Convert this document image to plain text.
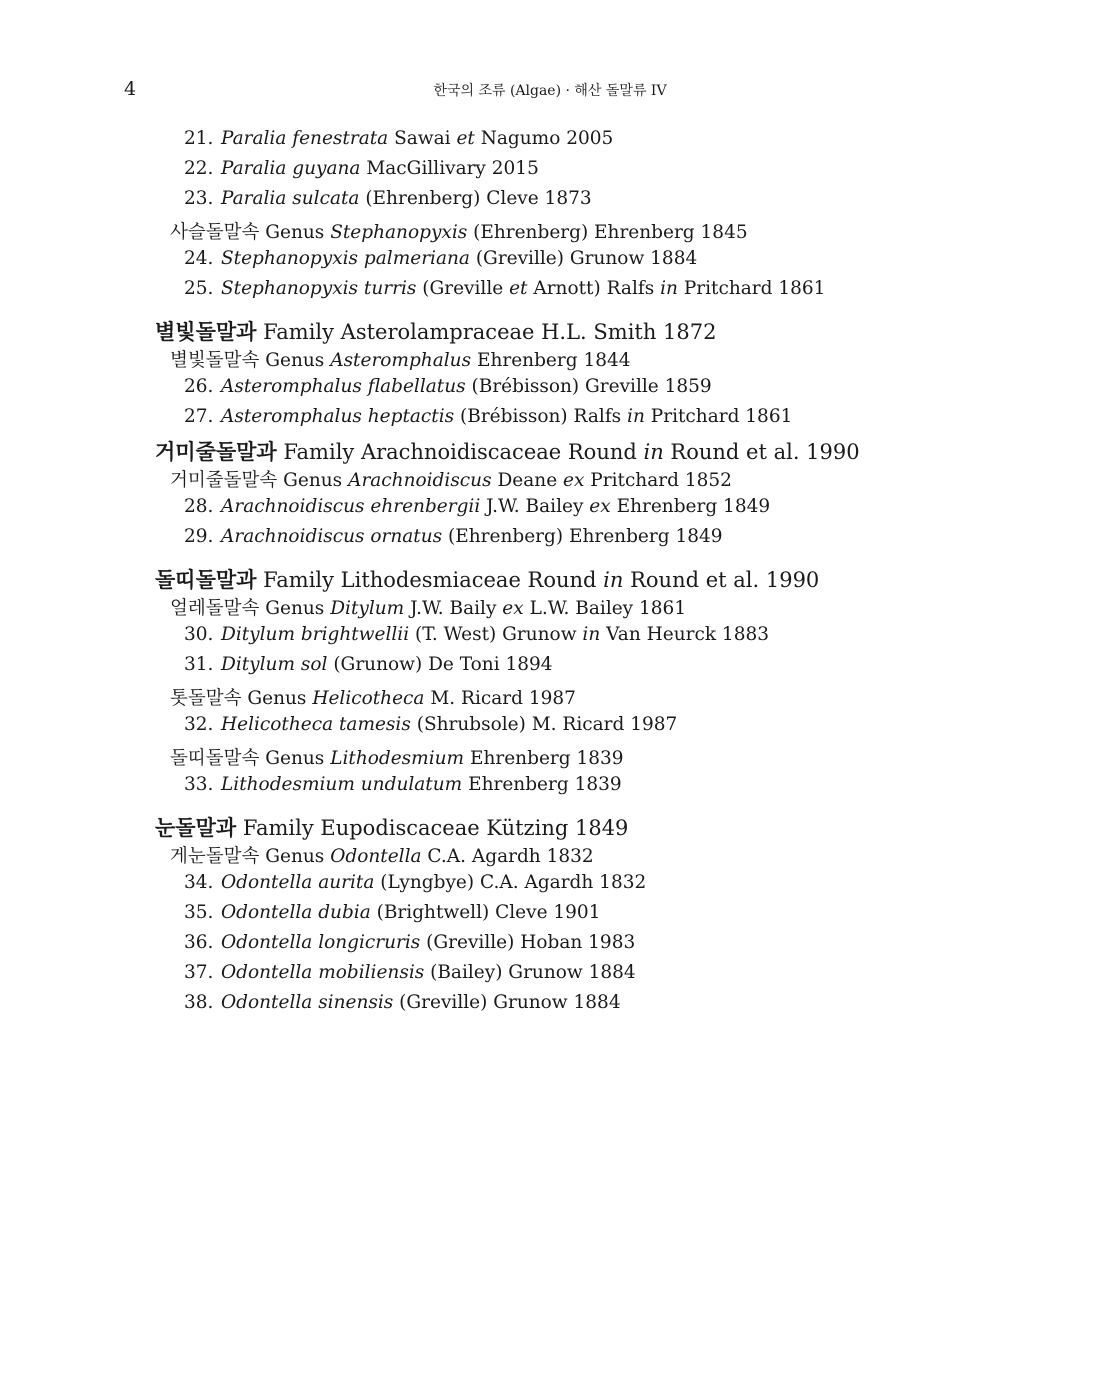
4	한국의 조류 (Algae) · 해산 돌말류 IV
21. Paralia fenestrata Sawai et Nagumo 2005
22. Paralia guyana MacGillivary 2015
23. Paralia sulcata (Ehrenberg) Cleve 1873
사슬돌말속 Genus Stephanopyxis (Ehrenberg) Ehrenberg 1845
24. Stephanopyxis palmeriana (Greville) Grunow 1884
25. Stephanopyxis turris (Greville et Arnott) Ralfs in Pritchard 1861
별빛돌말과 Family Asterolampraceae H.L. Smith 1872
별빛돌말속 Genus Asteromphalus Ehrenberg 1844
26. Asteromphalus flabellatus (Brébisson) Greville 1859
27. Asteromphalus heptactis (Brébisson) Ralfs in Pritchard 1861
거미줄돌말과 Family Arachnoidiscaceae Round in Round et al. 1990
거미줄돌말속 Genus Arachnoidiscus Deane ex Pritchard 1852
28. Arachnoidiscus ehrenbergii J.W. Bailey ex Ehrenberg 1849
29. Arachnoidiscus ornatus (Ehrenberg) Ehrenberg 1849
돌띠돌말과 Family Lithodesmiaceae Round in Round et al. 1990
얼레돌말속 Genus Ditylum J.W. Baily ex L.W. Bailey 1861
30. Ditylum brightwellii (T. West) Grunow in Van Heurck 1883
31. Ditylum sol (Grunow) De Toni 1894
톳돌말속 Genus Helicotheca M. Ricard 1987
32. Helicotheca tamesis (Shrubsole) M. Ricard 1987
돌띠돌말속 Genus Lithodesmium Ehrenberg 1839
33. Lithodesmium undulatum Ehrenberg 1839
눈돌말과 Family Eupodiscaceae Kützing 1849
게눈돌말속 Genus Odontella C.A. Agardh 1832
34. Odontella aurita (Lyngbye) C.A. Agardh 1832
35. Odontella dubia (Brightwell) Cleve 1901
36. Odontella longicruris (Greville) Hoban 1983
37. Odontella mobiliensis (Bailey) Grunow 1884
38. Odontella sinensis (Greville) Grunow 1884
